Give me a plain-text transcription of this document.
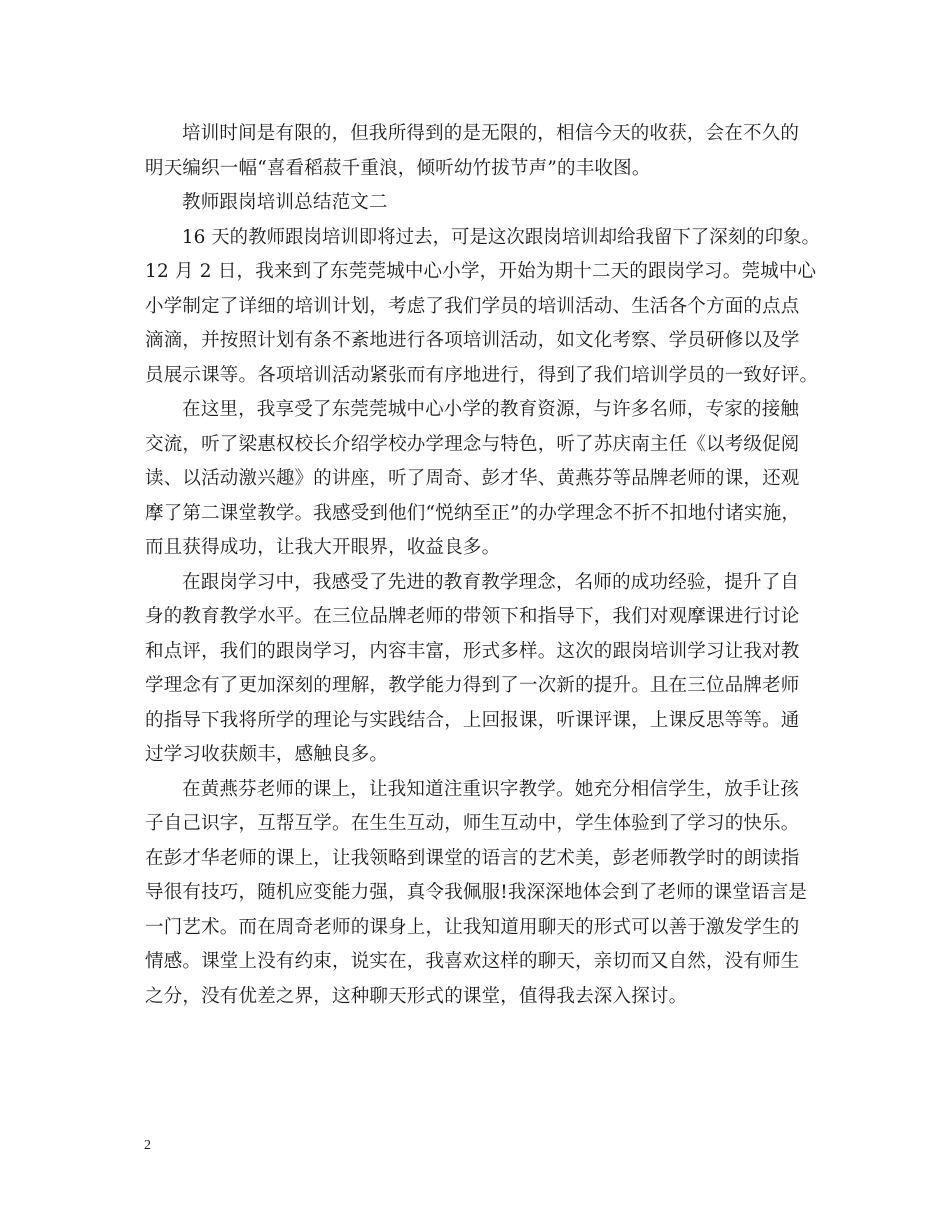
培训时间是有限的，但我所得到的是无限的，相信今天的收获，会在不久的
明天编织一幅“喜看稻菽千重浪，倾听幼竹拔节声”的丰收图。
教师跟岗培训总结范文二
16 天的教师跟岗培训即将过去，可是这次跟岗培训却给我留下了深刻的印象。
12 月 2 日，我来到了东莞莞城中心小学，开始为期十二天的跟岗学习。莞城中心
小学制定了详细的培训计划，考虑了我们学员的培训活动、生活各个方面的点点
滴滴，并按照计划有条不紊地进行各项培训活动，如文化考察、学员研修以及学
员展示课等。各项培训活动紧张而有序地进行，得到了我们培训学员的一致好评。
在这里，我享受了东莞莞城中心小学的教育资源，与许多名师，专家的接触
交流，听了梁惠权校长介绍学校办学理念与特色，听了苏庆南主任《以考级促阅
读、以活动激兴趣》的讲座，听了周奇、彭才华、黄燕芬等品牌老师的课，还观
摩了第二课堂教学。我感受到他们“悦纳至正”的办学理念不折不扣地付诸实施，
而且获得成功，让我大开眼界，收益良多。
在跟岗学习中，我感受了先进的教育教学理念，名师的成功经验，提升了自
身的教育教学水平。在三位品牌老师的带领下和指导下，我们对观摩课进行讨论
和点评，我们的跟岗学习，内容丰富，形式多样。这次的跟岗培训学习让我对教
学理念有了更加深刻的理解，教学能力得到了一次新的提升。且在三位品牌老师
的指导下我将所学的理论与实践结合，上回报课，听课评课，上课反思等等。通
过学习收获颇丰，感触良多。
在黄燕芬老师的课上，让我知道注重识字教学。她充分相信学生，放手让孩
子自己识字，互帮互学。在生生互动，师生互动中，学生体验到了学习的快乐。
在彭才华老师的课上，让我领略到课堂的语言的艺术美，彭老师教学时的朗读指
导很有技巧，随机应变能力强，真令我佩服!我深深地体会到了老师的课堂语言是
一门艺术。而在周奇老师的课身上，让我知道用聊天的形式可以善于激发学生的
情感。课堂上没有约束，说实在，我喜欢这样的聊天，亲切而又自然，没有师生
之分，没有优差之界，这种聊天形式的课堂，值得我去深入探讨。
2
